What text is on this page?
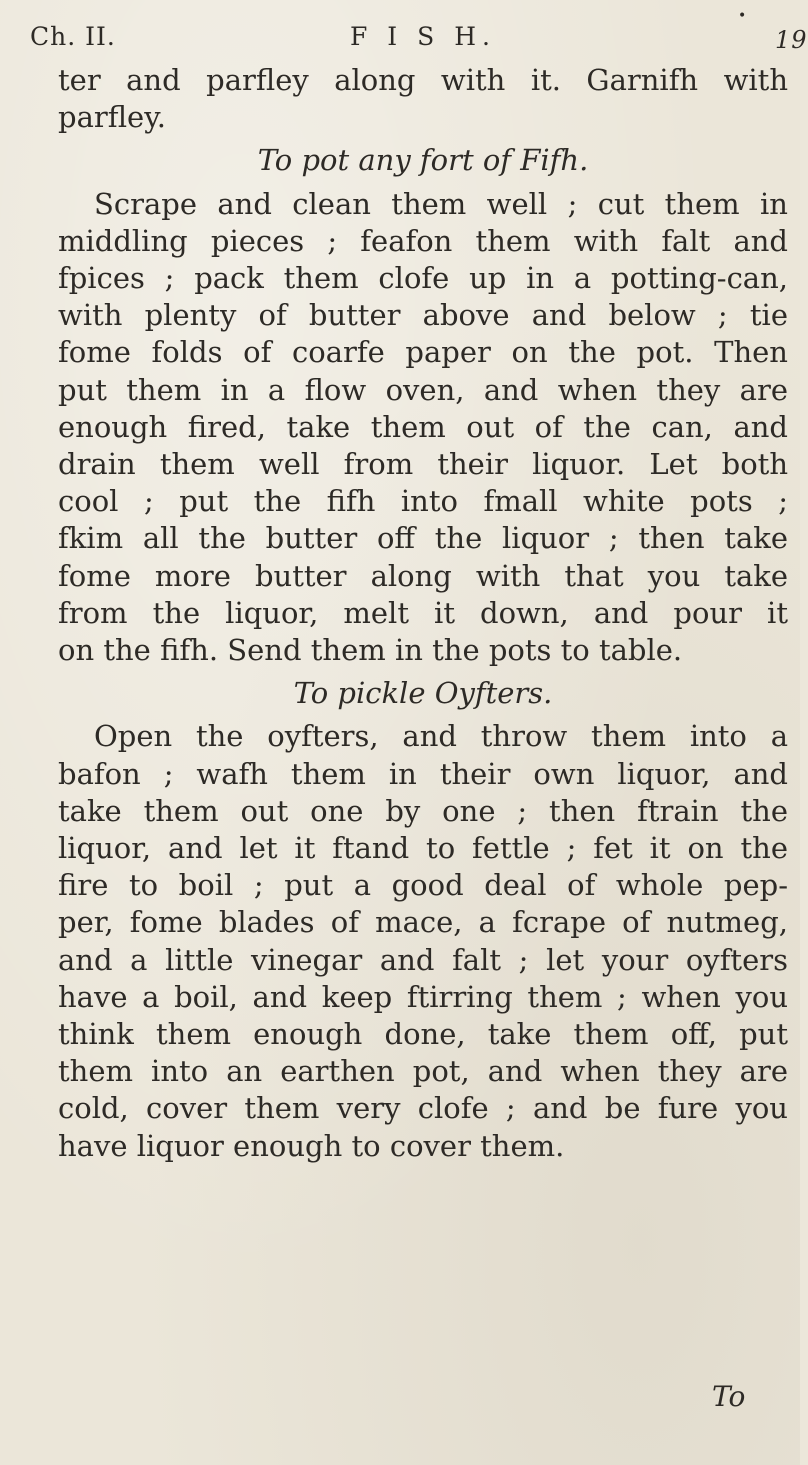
Ch. II.	F I S H.
•
19
ter and parfley along with it. Garnifh with
parfley.
To pot any fort of Fifh.
Scrape and clean them well ; cut them in
middling pieces ; feafon them with falt and
fpices ; pack them clofe up in a potting-can,
with plenty of butter above and below ; tie
fome folds of coarfe paper on the pot. Then
put them in a flow oven, and when they are
enough fired, take them out of the can, and
drain them well from their liquor. Let both
cool ; put the fifh into fmall white pots ;
fkim all the butter off the liquor ; then take
fome more butter along with that you take
from the liquor, melt it down, and pour it
on the fifh. Send them in the pots to table.
To pickle Oyfters.
Open the oyfters, and throw them into a
bafon ; wafh them in their own liquor, and
take them out one by one ; then ftrain the
liquor, and let it ftand to fettle ; fet it on the
fire to boil ; put a good deal of whole pep-
per, fome blades of mace, a fcrape of nutmeg,
and a little vinegar and falt ; let your oyfters
have a boil, and keep ftirring them ; when you
think them enough done, take them off, put
them into an earthen pot, and when they are
cold, cover them very clofe ; and be fure you
have liquor enough to cover them.
To
